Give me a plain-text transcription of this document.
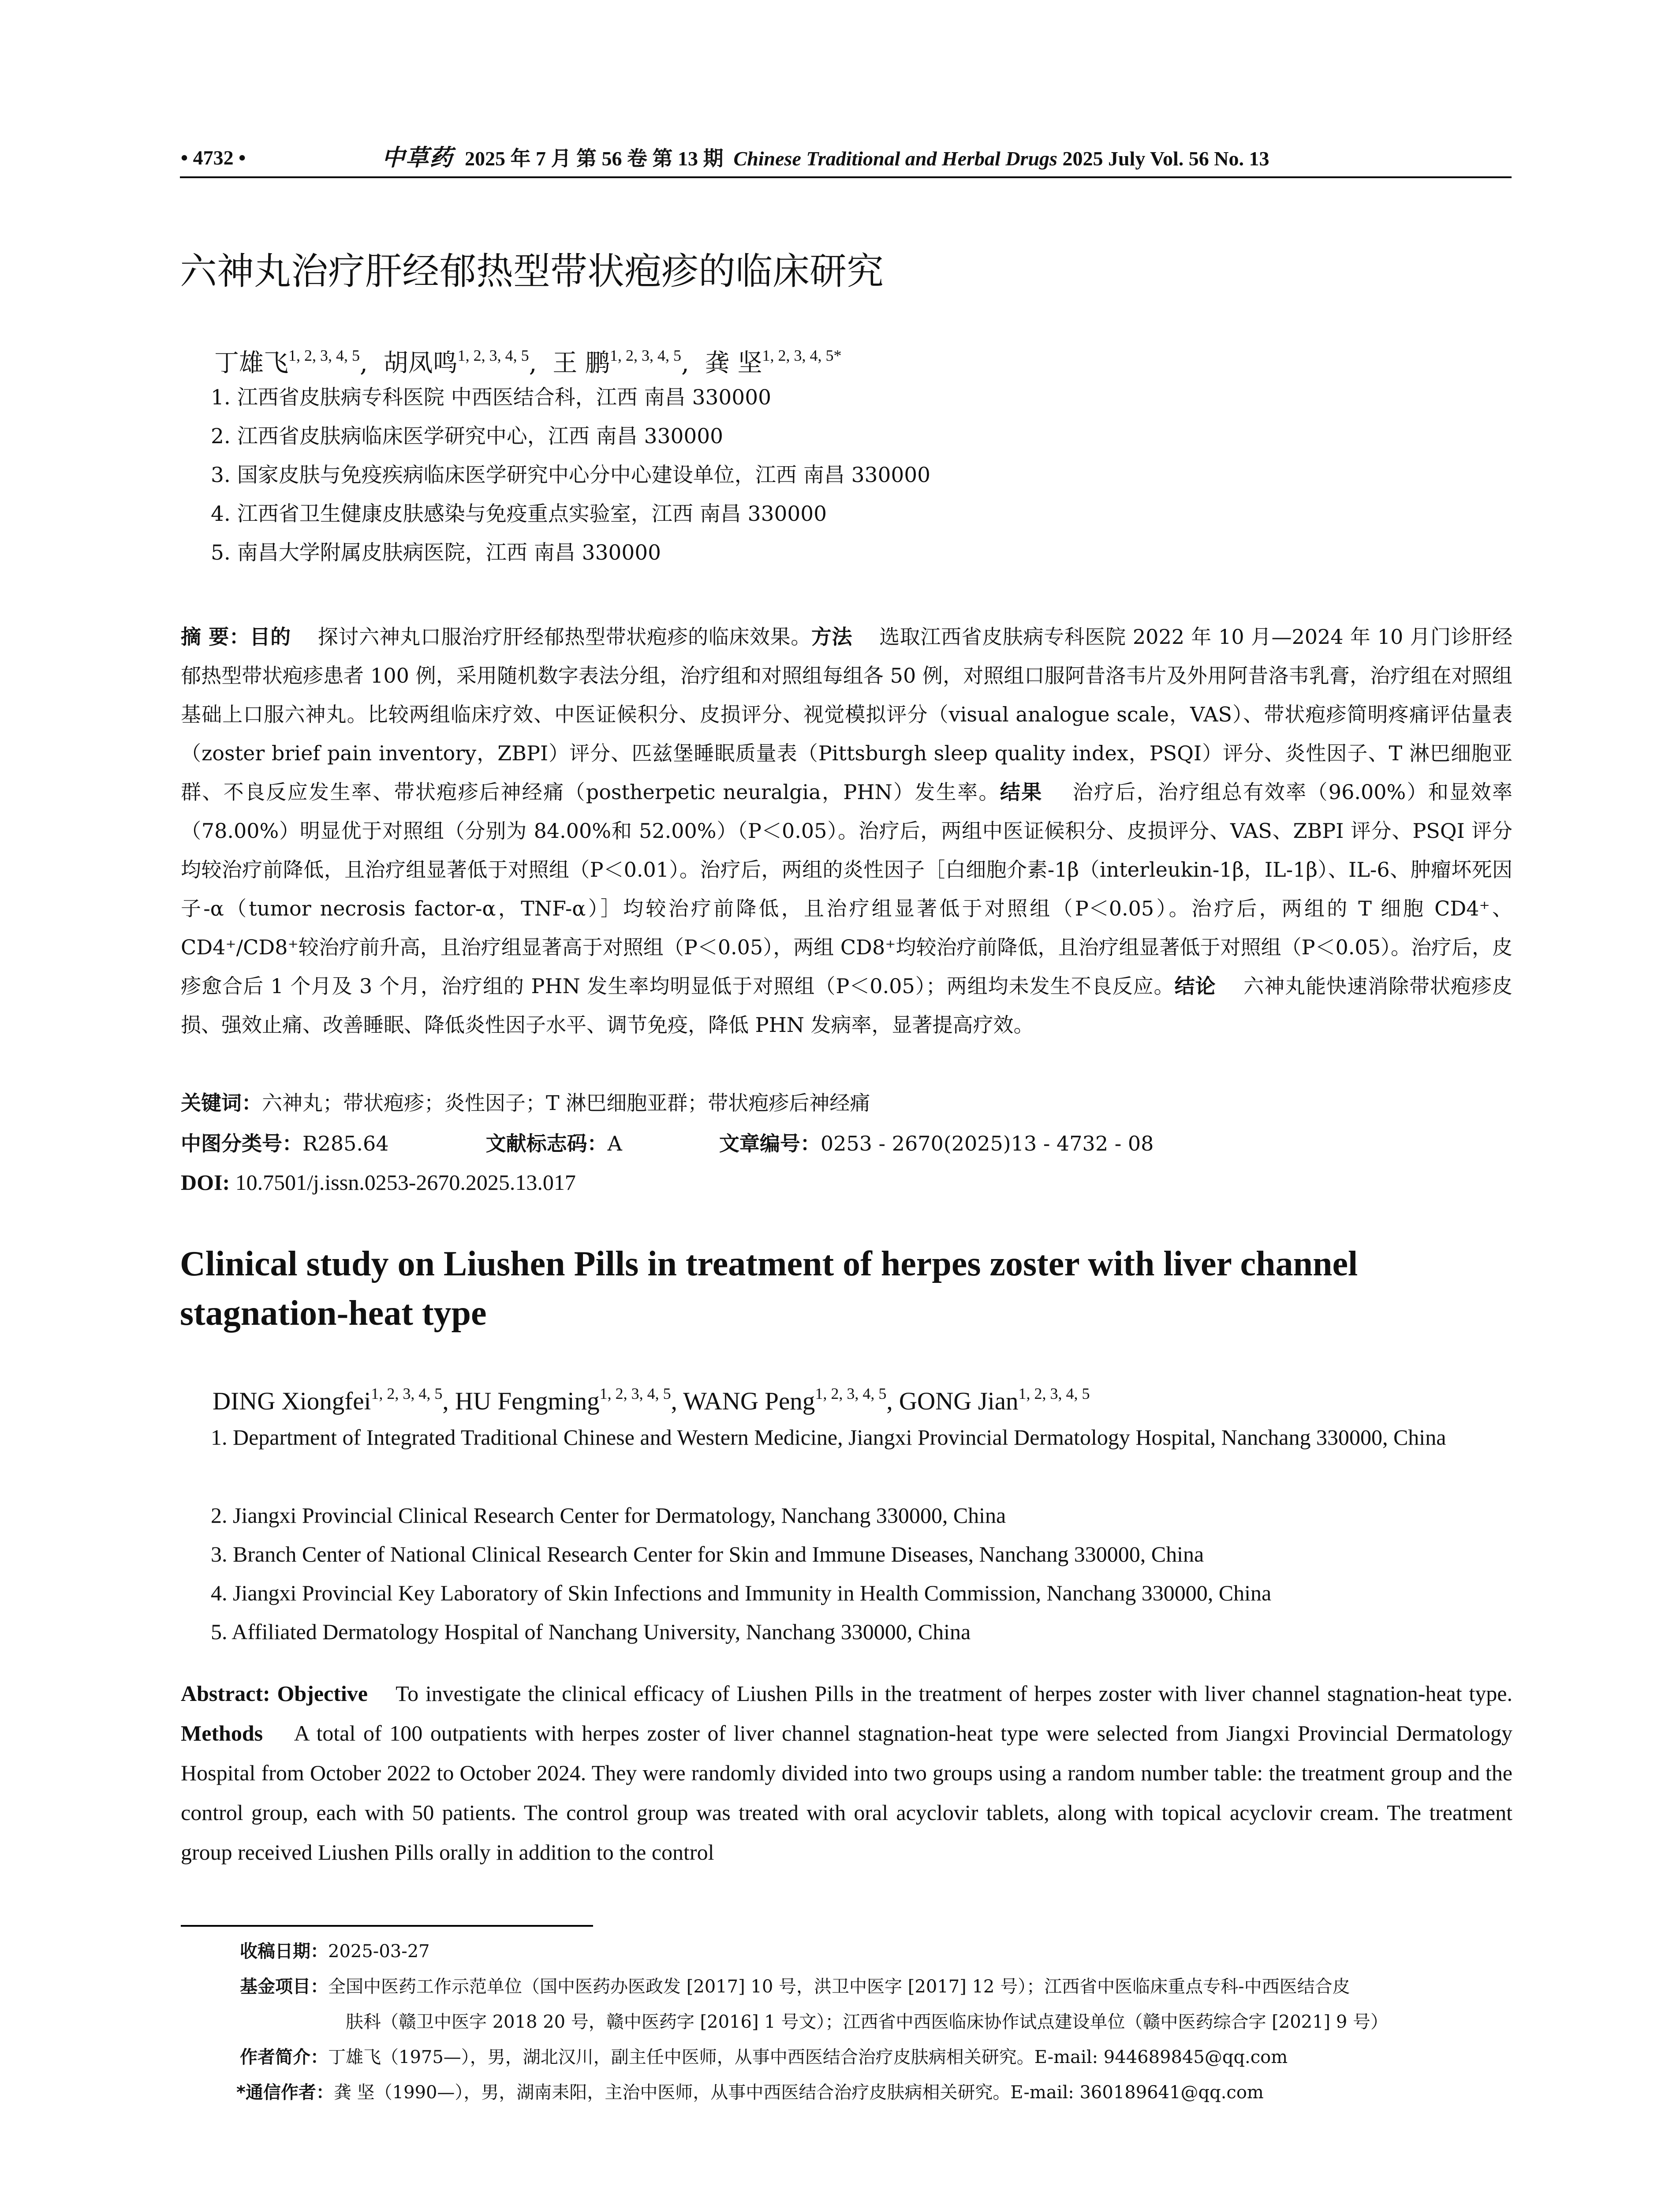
• 4732 •	中草药 2025 年 7 月 第 56 卷 第 13 期 Chinese Traditional and Herbal Drugs 2025 July Vol. 56 No. 13
六神丸治疗肝经郁热型带状疱疹的临床研究
丁雄飞$^{1, 2, 3, 4, 5}$, 胡凤鸣$^{1, 2, 3, 4, 5}$, 王 鹏$^{1, 2, 3, 4, 5}$, 龚 坚$^{1, 2, 3, 4, 5*}$
1. 江西省皮肤病专科医院 中西医结合科，江西 南昌 330000
2. 江西省皮肤病临床医学研究中心，江西 南昌 330000
3. 国家皮肤与免疫疾病临床医学研究中心分中心建设单位，江西 南昌 330000
4. 江西省卫生健康皮肤感染与免疫重点实验室，江西 南昌 330000
5. 南昌大学附属皮肤病医院，江西 南昌 330000
摘 要：目的 探讨六神丸口服治疗肝经郁热型带状疱疹的临床效果。方法 选取江西省皮肤病专科医院 2022 年 10 月—2024 年 10 月门诊肝经郁热型带状疱疹患者 100 例，采用随机数字表法分组，治疗组和对照组每组各 50 例，对照组口服阿昔洛韦片及外用阿昔洛韦乳膏，治疗组在对照组基础上口服六神丸。比较两组临床疗效、中医证候积分、皮损评分、视觉模拟评分（visual analogue scale，VAS）、带状疱疹简明疼痛评估量表（zoster brief pain inventory，ZBPI）评分、匹兹堡睡眠质量表（Pittsburgh sleep quality index，PSQI）评分、炎性因子、T 淋巴细胞亚群、不良反应发生率、带状疱疹后神经痛（postherpetic neuralgia，PHN）发生率。结果 治疗后，治疗组总有效率（96.00%）和显效率（78.00%）明显优于对照组（分别为 84.00%和 52.00%）（P＜0.05）。治疗后，两组中医证候积分、皮损评分、VAS、ZBPI 评分、PSQI 评分均较治疗前降低，且治疗组显著低于对照组（P＜0.01）。治疗后，两组的炎性因子［白细胞介素-1β（interleukin-1β，IL-1β）、IL-6、肿瘤坏死因子-α（tumor necrosis factor-α，TNF-α）］均较治疗前降低，且治疗组显著低于对照组（P＜0.05）。治疗后，两组的 T 细胞 CD4⁺、CD4⁺/CD8⁺较治疗前升高，且治疗组显著高于对照组（P＜0.05），两组 CD8⁺均较治疗前降低，且治疗组显著低于对照组（P＜0.05）。治疗后，皮疹愈合后 1 个月及 3 个月，治疗组的 PHN 发生率均明显低于对照组（P＜0.05）；两组均未发生不良反应。结论 六神丸能快速消除带状疱疹皮损、强效止痛、改善睡眠、降低炎性因子水平、调节免疫，降低 PHN 发病率，显著提高疗效。
关键词：六神丸；带状疱疹；炎性因子；T 淋巴细胞亚群；带状疱疹后神经痛
中图分类号：R285.64	文献标志码：A	文章编号：0253 - 2670(2025)13 - 4732 - 08
DOI: 10.7501/j.issn.0253-2670.2025.13.017
Clinical study on Liushen Pills in treatment of herpes zoster with liver channel stagnation-heat type
DING Xiongfei$^{1, 2, 3, 4, 5}$, HU Fengming$^{1, 2, 3, 4, 5}$, WANG Peng$^{1, 2, 3, 4, 5}$, GONG Jian$^{1, 2, 3, 4, 5}$
1. Department of Integrated Traditional Chinese and Western Medicine, Jiangxi Provincial Dermatology Hospital, Nanchang 330000, China
2. Jiangxi Provincial Clinical Research Center for Dermatology, Nanchang 330000, China
3. Branch Center of National Clinical Research Center for Skin and Immune Diseases, Nanchang 330000, China
4. Jiangxi Provincial Key Laboratory of Skin Infections and Immunity in Health Commission, Nanchang 330000, China
5. Affiliated Dermatology Hospital of Nanchang University, Nanchang 330000, China
Abstract: Objective To investigate the clinical efficacy of Liushen Pills in the treatment of herpes zoster with liver channel stagnation-heat type. Methods A total of 100 outpatients with herpes zoster of liver channel stagnation-heat type were selected from Jiangxi Provincial Dermatology Hospital from October 2022 to October 2024. They were randomly divided into two groups using a random number table: the treatment group and the control group, each with 50 patients. The control group was treated with oral acyclovir tablets, along with topical acyclovir cream. The treatment group received Liushen Pills orally in addition to the control
收稿日期：2025-03-27
基金项目：全国中医药工作示范单位（国中医药办医政发 [2017] 10 号，洪卫中医字 [2017] 12 号）；江西省中医临床重点专科-中西医结合皮
肤科（赣卫中医字 2018 20 号，赣中医药字 [2016] 1 号文）；江西省中西医临床协作试点建设单位（赣中医药综合字 [2021] 9 号）
作者简介：丁雄飞（1975—），男，湖北汉川，副主任中医师，从事中西医结合治疗皮肤病相关研究。E-mail: 944689845@qq.com
*通信作者：龚 坚（1990—），男，湖南耒阳，主治中医师，从事中西医结合治疗皮肤病相关研究。E-mail: 360189641@qq.com
